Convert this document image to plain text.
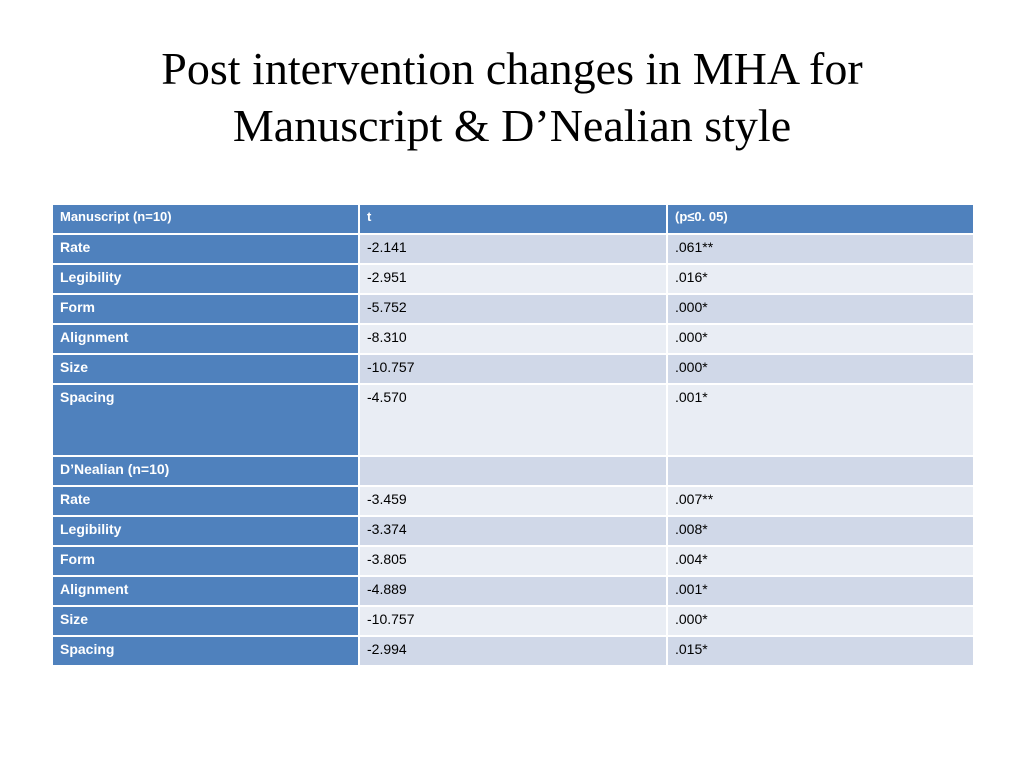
Post intervention changes in MHA for
Manuscript & D’Nealian style
Manuscript (n=10)	t	(p≤0. 05)
Rate	-2.141	.061**
Legibility	-2.951	.016*
Form	-5.752	.000*
Alignment	-8.310	.000*
Size	-10.757	.000*
Spacing	-4.570	.001*
D’Nealian (n=10)		
Rate	-3.459	.007**
Legibility	-3.374	.008*
Form	-3.805	.004*
Alignment	-4.889	.001*
Size	-10.757	.000*
Spacing	-2.994	.015*
